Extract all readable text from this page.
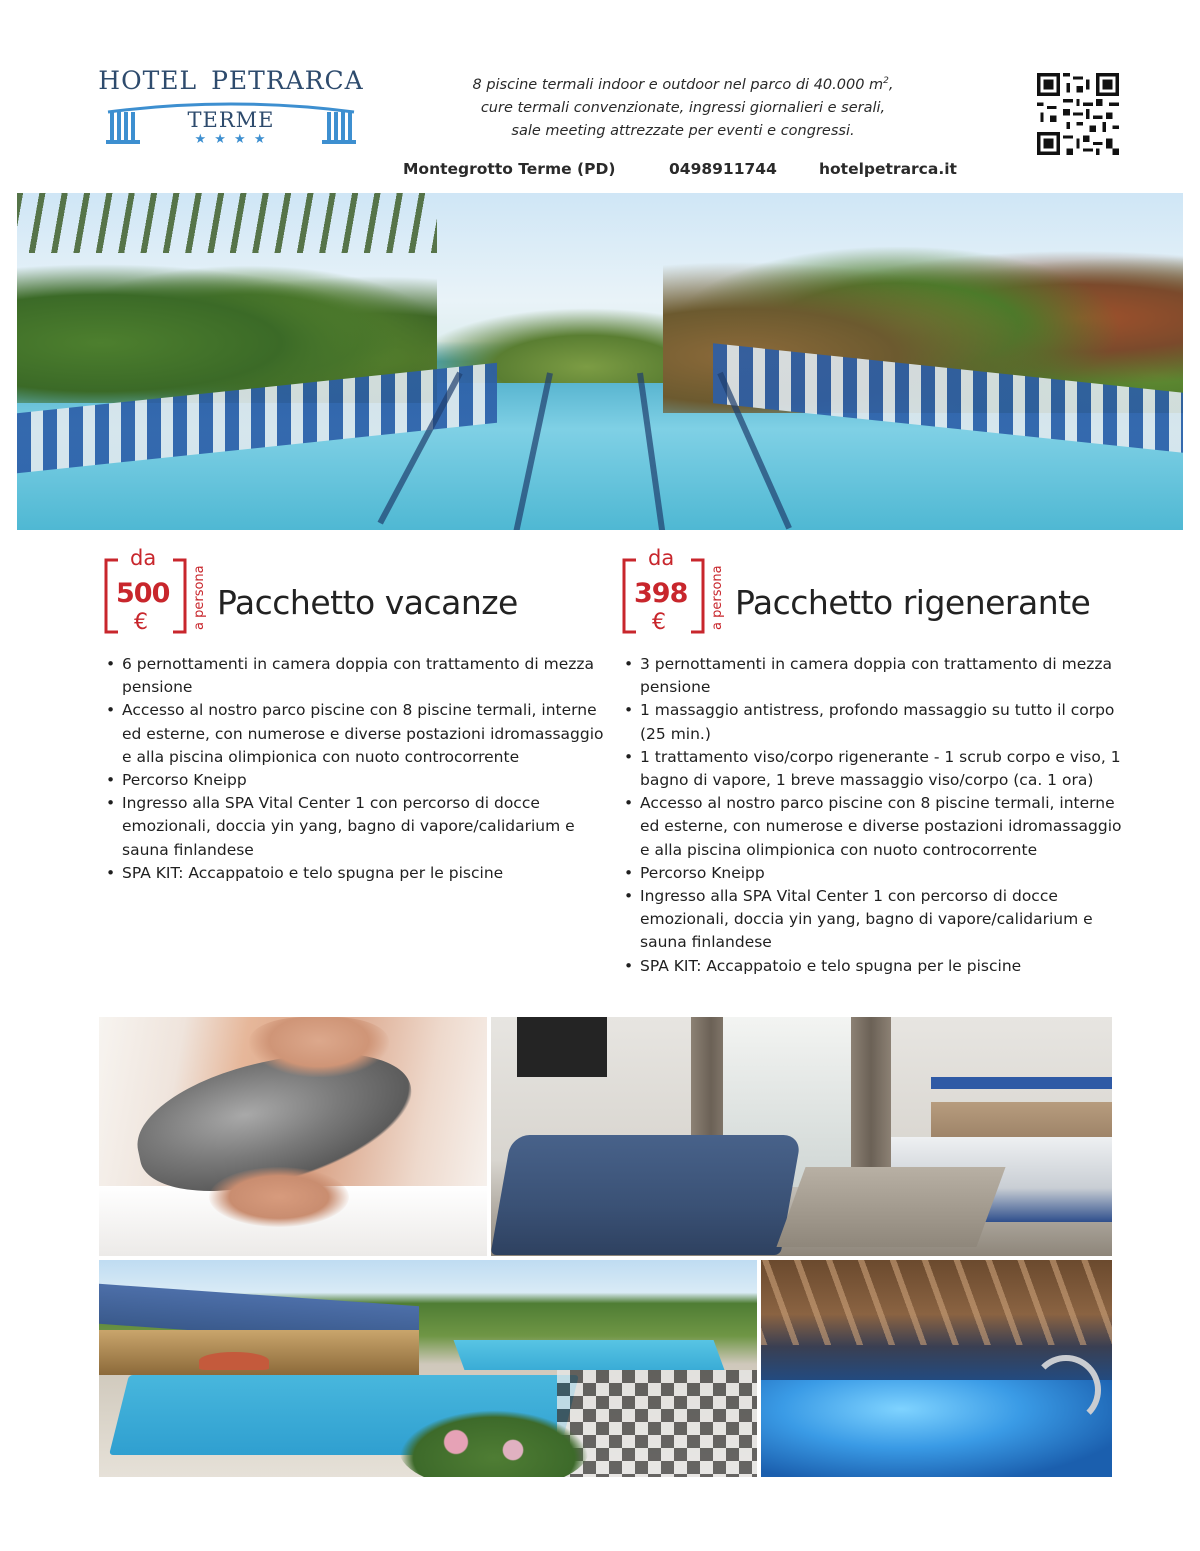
HOTEL PETRARCA
TERME
★ ★ ★ ★
8 piscine termali indoor e outdoor nel parco di 40.000 $m^2$,
cure termali convenzionate, ingressi giornalieri e serali,
sale meeting attrezzate per eventi e congressi.
Montegrotto Terme (PD)	0498911744	hotelpetrarca.it
da
500
€	a persona Pacchetto vacanze
• 6 pernottamenti in camera doppia con trattamento di mezza pensione
• Accesso al nostro parco piscine con 8 piscine termali, interne ed esterne, con numerose e diverse postazioni idromassaggio e alla piscina olimpionica con nuoto controcorrente
• Percorso Kneipp
• Ingresso alla SPA Vital Center 1 con percorso di docce emozionali, doccia yin yang, bagno di vapore/calidarium e sauna finlandese
• SPA KIT: Accappatoio e telo spugna per le piscine
da
398
€	a persona Pacchetto rigenerante
• 3 pernottamenti in camera doppia con trattamento di mezza pensione
• 1 massaggio antistress, profondo massaggio su tutto il corpo (25 min.)
• 1 trattamento viso/corpo rigenerante - 1 scrub corpo e viso, 1 bagno di vapore, 1 breve massaggio viso/corpo (ca. 1 ora)
• Accesso al nostro parco piscine con 8 piscine termali, interne ed esterne, con numerose e diverse postazioni idromassaggio e alla piscina olimpionica con nuoto controcorrente
• Percorso Kneipp
• Ingresso alla SPA Vital Center 1 con percorso di docce emozionali, doccia yin yang, bagno di vapore/calidarium e sauna finlandese
• SPA KIT: Accappatoio e telo spugna per le piscine
